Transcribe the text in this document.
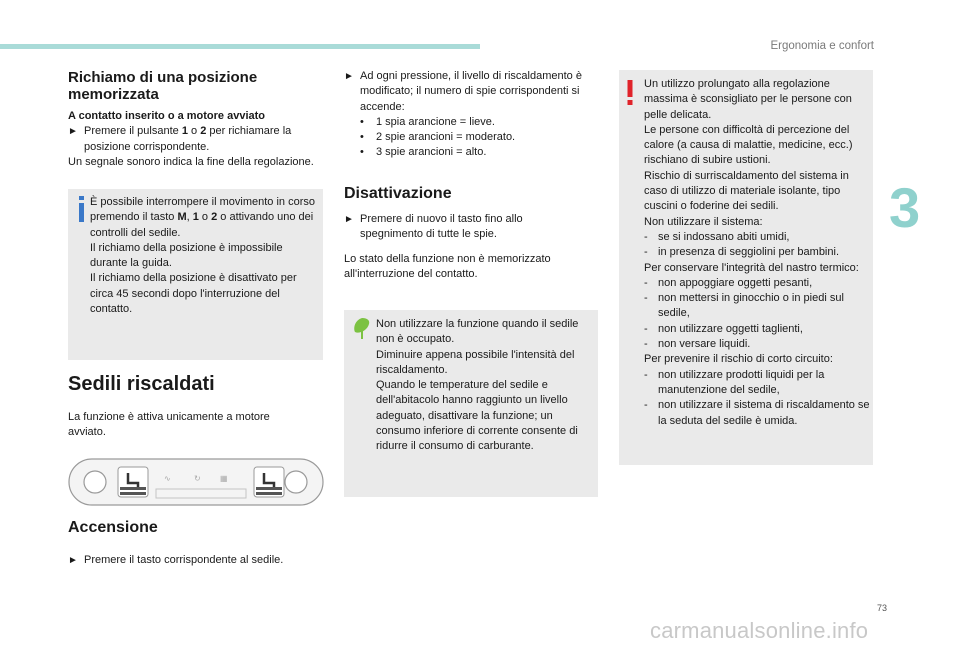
Ergonomia e confort
3
73
carmanualsonline.info
Richiamo di una posizione memorizzata
A contatto inserito o a motore avviato
► Premere il pulsante 1 o 2 per richiamare la posizione corrispondente.
Un segnale sonoro indica la fine della regolazione.
È possibile interrompere il movimento in corso premendo il tasto M, 1 o 2 o attivando uno dei controlli del sedile.
Il richiamo della posizione è impossibile durante la guida.
Il richiamo della posizione è disattivato per circa 45 secondi dopo l'interruzione del contatto.
Sedili riscaldati
La funzione è attiva unicamente a motore avviato.
∿	↻ ▦
Accensione
► Premere il tasto corrispondente al sedile.
► Ad ogni pressione, il livello di riscaldamento è modificato; il numero di spie corrispondenti si accende:
•	1 spia arancione = lieve.
•	2 spie arancioni = moderato.
•	3 spie arancioni = alto.
Disattivazione
► Premere di nuovo il tasto fino allo spegnimento di tutte le spie.
Lo stato della funzione non è memorizzato all'interruzione del contatto.
Non utilizzare la funzione quando il sedile non è occupato.
Diminuire appena possibile l'intensità del riscaldamento.
Quando le temperature del sedile e dell'abitacolo hanno raggiunto un livello adeguato, disattivare la funzione; un consumo inferiore di corrente consente di ridurre il consumo di carburante.
Un utilizzo prolungato alla regolazione massima è sconsigliato per le persone con pelle delicata.
Le persone con difficoltà di percezione del calore (a causa di malattie, medicine, ecc.) rischiano di subire ustioni.
Rischio di surriscaldamento del sistema in caso di utilizzo di materiale isolante, tipo cuscini o foderine dei sedili.
Non utilizzare il sistema:
- se si indossano abiti umidi,
- in presenza di seggiolini per bambini.
Per conservare l'integrità del nastro termico:
- non appoggiare oggetti pesanti,
- non mettersi in ginocchio o in piedi sul sedile,
- non utilizzare oggetti taglienti,
- non versare liquidi.
Per prevenire il rischio di corto circuito:
- non utilizzare prodotti liquidi per la manutenzione del sedile,
- non utilizzare il sistema di riscaldamento se la seduta del sedile è umida.
